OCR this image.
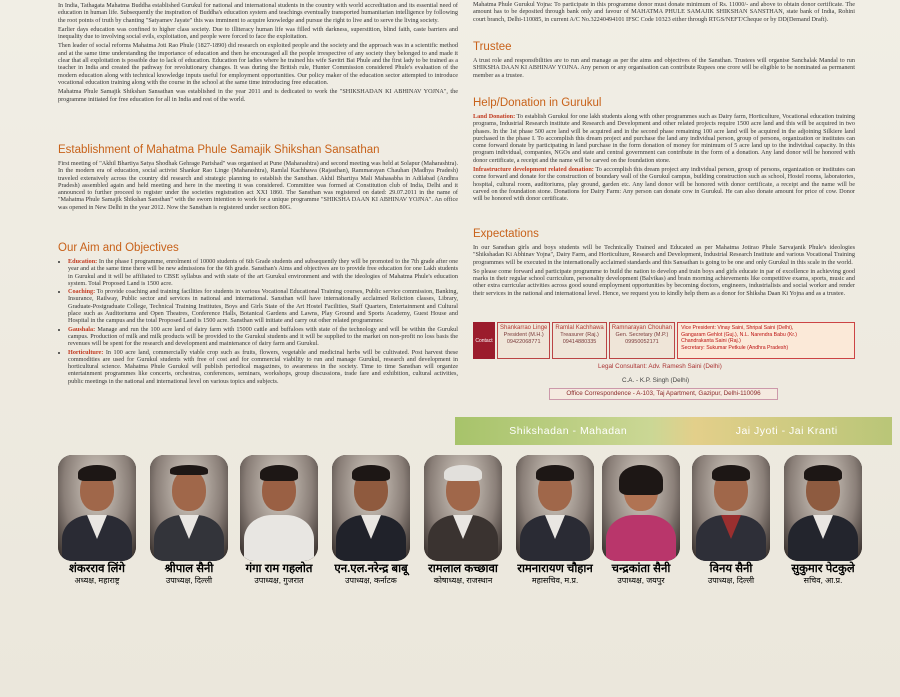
In India, Tathagata Mahatma Buddha established Gurukul for national and international students in the country with world accreditation and its essential need of education in human life. Subsequently the inspiration of Buddha's education system and teachings eventually transported humanitarian intelligence by following the root points of truth by chanting "Satyamev Jayate" this was imminent to acquire knowledge and pursue the right to live and to serve the living society.

Earlier days education was confined to higher class society. Due to illiteracy human life was filled with darkness, superstition, blind faith, caste barriers and inequality due to involving social evils, exploitation, and people were forced to face the exploitation.

Then leader of social reforms Mahatma Joti Rao Phule (1827-1890) did research on exploited people and the society and the approach was in a scientific method and at the same time understanding the importance of education and then he encouraged all the people irrespective of any society they belonged to and made it clear that all exploitation is possible due to lack of education. Education for ladies where he trained his wife Savitri Bai Phule and the first lady to be trained as a teacher in India and created the pathway for revolutionary changes. It was during the British rule, Hunter Commission considered Phule's evaluation of the modern education along with technical knowledge inputs useful for employment opportunities. Our policy maker of the education sector attempted to introduce vocational education training along with the course in the school at the same time introducing free education.

Mahatma Phule Samajik Shikshan Sansathan was established in the year 2011 and is dedicated to work the "SHIKSHADAN KI ABHINAV YOJNA", the programme initiated for free education for all in India and rest of the world.

Establishment of Mahatma Phule Samajik Shikshan Sansathan

First meeting of "Akhil Bhartiya Satya Shodhak Gehrage Parishad" was organised at Pune (Maharashtra) and second meeting was held at Solapur (Maharashtra). In the modern era of education, social activist Shankar Rao Linge (Maharashtra), Ramlal Kachhawa (Rajasthan), Rammarayan Chauhan (Madhya Pradesh) traveled extensively across the country did research and strategic planning to establish the Sansthan. Akhil Bhartiya Mali Mahasabha in Adilabad (Andhra Pradesh) assembled again and held meeting and here in the meeting it was considered. Committee was formed at Constitution club of India, Delhi and it announced to further proceed to register under the societies registration act XXI 1860. The Sansthan was registered on dated: 29.07.2011 in the name of "Mahatma Phule Samajik Shikshan Sansthan" with the sworn intention to work for a unique programme "SHIKSHA DAAN KI ABHINAV YOJNA". An office was opened in New Delhi in the year 2012. Now the Sansthan is registered under section 80G.

Our Aim and Objectives
• Education: In the phase I programme, enrolment of 10000 students of 6th Grade students and subsequently they will be promoted to the 7th grade after one year and at the same time there will be new admissions for the 6th grade. Sansthan's Aims and objectives are to provide free education for one Lakh students in Gurukul and it will be affiliated to CBSE syllabus and with state of the art Gurukul environment and with the ideologies of Mahatma Phule's education system. Total Proposed Land is 1500 acre.
• Coaching: To provide coaching and training facilities for students in various Vocational Educational Training courses, Public service commission, Banking, Insurance, Railway, Public sector and services in national and international. Sansthan will have internationally acclaimed Reliction classes, Library, Graduate-Postgraduate College, Technical Training Institutes, Boys and Girls State of the Art Hostel Facilities, Staff Quarters, Entertainment and Cultural place such as Auditoriums and Open Theatres, Conference Halls, Botanical Gardens and Lawns, Play Ground and Sports Academy, Guest House and Hospital in the campus and the total Proposed Land is 1500 acre. Sansthan will initiate and carry out other related programmes:
• Gaushala: Manage and run the 100 acre land of dairy farm with 15000 cattle and buffaloes with state of the technology and will be within the Gurukul campus. Production of milk and milk products will be provided to the Gurukul students and it will be supplied to the market on non-profit no loss basis the revenues will be spent for the research and development and maintenance of dairy farm and Gurukul.
• Horticulture: In 100 acre land, commercially viable crop such as fruits, flowers, vegetable and medicinal herbs will be cultivated. Post harvest these commodities are used for Gurukul students with free of cost and for commercial viability to run and manage Gurukul, research and development in horticultural science. Mahatma Phule Gurukul will publish periodical magazines, to awareness in the society. Time to time Sansthan will organize entertainment programmes like concerts, orchestras, conferences, seminars, workshops, group discussions, trade fare and exhibition, cultural activities, public meetings in the national and international level on various topics and subjects.

Mahatma Phule Gurukul Yojna: To participate in this programme donor must donate minimum of Rs. 11000/- and above to obtain donor certificate. The amount has to be deposited through bank only and favour of MAHATMA PHULE SAMAJIK SHIKSHAN SANSTHAN, state bank of India, Rohini court branch, Delhi-110085, in current A/C No.32240494101 IFSC Code 10323 either through RTGS/NEFT/Cheque or by DD(Demand Draft).

Trustee

A trust role and responsibilities are to run and manage as per the aims and objectives of the Sansthan. Trustees will organise Sanchalak Mandal to run SHIKSHA DAAN KI ABHINAV YOJNA. Any person or any organisation can contribute Rupees one crore will be eligible to be nominated as permanent member as a trustee.

Help/Donation in Gurukul

Land Donation: To establish Gurukul for one lakh students along with other programmes such as Dairy farm, Horticulture, Vocational education training programs, Industrial Research institute and Research and Development and other related projects require 1500 acre land and this will be acquired in two phases. In the 1st phase 500 acre land will be acquired and in the second phase remaining 100 acre land will be acquired in the adjoining Silkiere land purchased in the phase I. To accomplish this dream project and purchase the land any individual person, group of persons, organization or institutes can come forward donate by participating in land purchase in the form donation of money for minimum of 5 acre land up to the individual capacity. In this program individual, companies, NGOs and state and central government can contribute in the form of a donation. Any land donor will be honored with donor certificate, a receipt and the name will be carved on the foundation stone.

Infrastructure development related donation: To accomplish this dream project any individual person, group of persons, organization or institutes can come forward and donate for the construction of boundary wall of the Gurukul campus, building construction such as school, Hostel rooms, laboratories, hospital, cultural room, auditoriums, play ground, garden etc. Any land donor will be honored with donor certificate, a receipt and the name will be carved on the foundation stone. Donations for Dairy Farm: Any person can donate cow in Gurukul. He can also donate amount for price of cow. Donor will be honored with donor certificate.

Expectations

In our Sansthan girls and boys students will be Technically Trained and Educated as per Mahatma Jotirao Phule Sarvajanik Phule's ideologies "Shikshadan Ki Abhinav Yojna", Dairy Farm, and Horticulture, Research and Development, Industrial Research Institute and various Vocational Training programmes will be executed in the internationally acclaimed standards and this Sansathan is going to be one and only Gurukul in this scale in the world.

So please come forward and participate programme to build the nation to develop and train boys and girls educate in par of excellence in achieving good marks in their regular school curriculum, personality development (Balvikas) and brain morning achievements like competitive exams, sports, music and other extra curricular activities across good sound employment opportunities by becoming doctors, engineers, industrialists and social worker and render their services in the national and international level. Hence, we request you to kindly help them as a donor for Shiksha Daan Ki Yojna and as a trustee.

Contact
Shankarrao Linge
President (M.H.)
09422068771
Ramlal Kachhawa
Treasurer (Raj.)
09414880335
Ramnarayan Chouhan
Gen. Secretary (M.P.)
09950052171
Vice President: Vinay Saini, Shripal Saini (Delhi),
Gangaram Gehlot (Guj.), N.L. Narendra Babu (Kr.)
Chandrakanta Saini (Raj.)
Secretary: Sukumar Petkule (Andhra Pradesh)
Legal Consultant: Adv. Ramesh Saini (Delhi)
C.A. - K.P. Singh (Delhi)
Office Correspondence - A-103, Taj Apartment, Gazipur, Delhi-110096
Shikshadan - Mahadan	Jai Jyoti - Jai Kranti
शंकरराव लिंगे
अध्यक्ष, महाराष्ट्र
श्रीपाल सैनी
उपाध्यक्ष, दिल्ली
गंगा राम गहलोत
उपाध्यक्ष, गुजरात
एन.एल.नरेन्द्र बाबू
उपाध्यक्ष, कर्नाटक
रामलाल कच्छावा
कोषाध्यक्ष, राजस्थान
रामनारायण चौहान
महासचिव, म.प्र.
चन्द्रकांता सैनी
उपाध्यक्ष, जयपुर
विनय सैनी
उपाध्यक्ष, दिल्ली
सुकुमार पेटकुले
सचिव, आ.प्र.
